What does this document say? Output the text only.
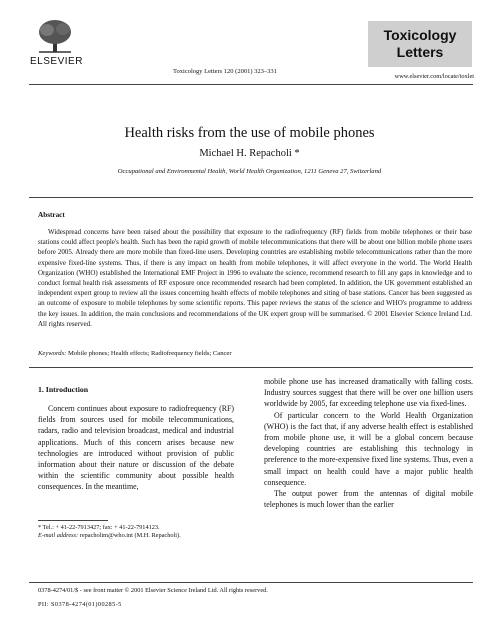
ELSEVIER
Toxicology Letters 120 (2001) 323–331
Toxicology
Letters
www.elsevier.com/locate/toxlet
Health risks from the use of mobile phones
Michael H. Repacholi *
Occupational and Environmental Health, World Health Organization, 1211 Geneva 27, Switzerland
Abstract
Widespread concerns have been raised about the possibility that exposure to the radiofrequency (RF) fields from mobile telephones or their base stations could affect people's health. Such has been the rapid growth of mobile telecommunications that there will be about one billion mobile phone users before 2005. Already there are more mobile than fixed-line users. Developing countries are establishing mobile telecommunications rather than the more expensive fixed-line systems. Thus, if there is any impact on health from mobile telephones, it will affect everyone in the world. The World Health Organization (WHO) established the International EMF Project in 1996 to evaluate the science, recommend research to fill any gaps in knowledge and to conduct formal health risk assessments of RF exposure once recommended research had been completed. In addition, the UK government established an independent expert group to review all the issues concerning health effects of mobile telephones and siting of base stations. Cancer has been suggested as an outcome of exposure to mobile telephones by some scientific reports. This paper reviews the status of the science and WHO's programme to address the key issues. In addition, the main conclusions and recommendations of the UK expert group will be summarised. © 2001 Elsevier Science Ireland Ltd. All rights reserved.
Keywords: Mobile phones; Health effects; Radiofrequency fields; Cancer
1. Introduction

Concern continues about exposure to radiofrequency (RF) fields from sources used for mobile telecommunications, radars, radio and television broadcast, medical and industrial applications. Much of this concern arises because new technologies are introduced without provision of public information about their nature or discussion of the debate within the scientific community about possible health consequences. In the meantime,

mobile phone use has increased dramatically with falling costs. Industry sources suggest that there will be over one billion users worldwide by 2005, far exceeding telephone use via fixed-lines.

Of particular concern to the World Health Organization (WHO) is the fact that, if any adverse health effect is established from mobile phone use, it will be a global concern because developing countries are establishing this technology in preference to the more-expensive fixed line systems. Thus, even a small impact on health could have a major public health consequence.

The output power from the antennas of digital mobile telephones is much lower than the earlier

* Tel.: + 41-22-7913427; fax: + 41-22-7914123.
E-mail address: repacholim@who.int (M.H. Repacholi).
0378-4274/01/$ - see front matter © 2001 Elsevier Science Ireland Ltd. All rights reserved.
PII: S0378-4274(01)00285-5
